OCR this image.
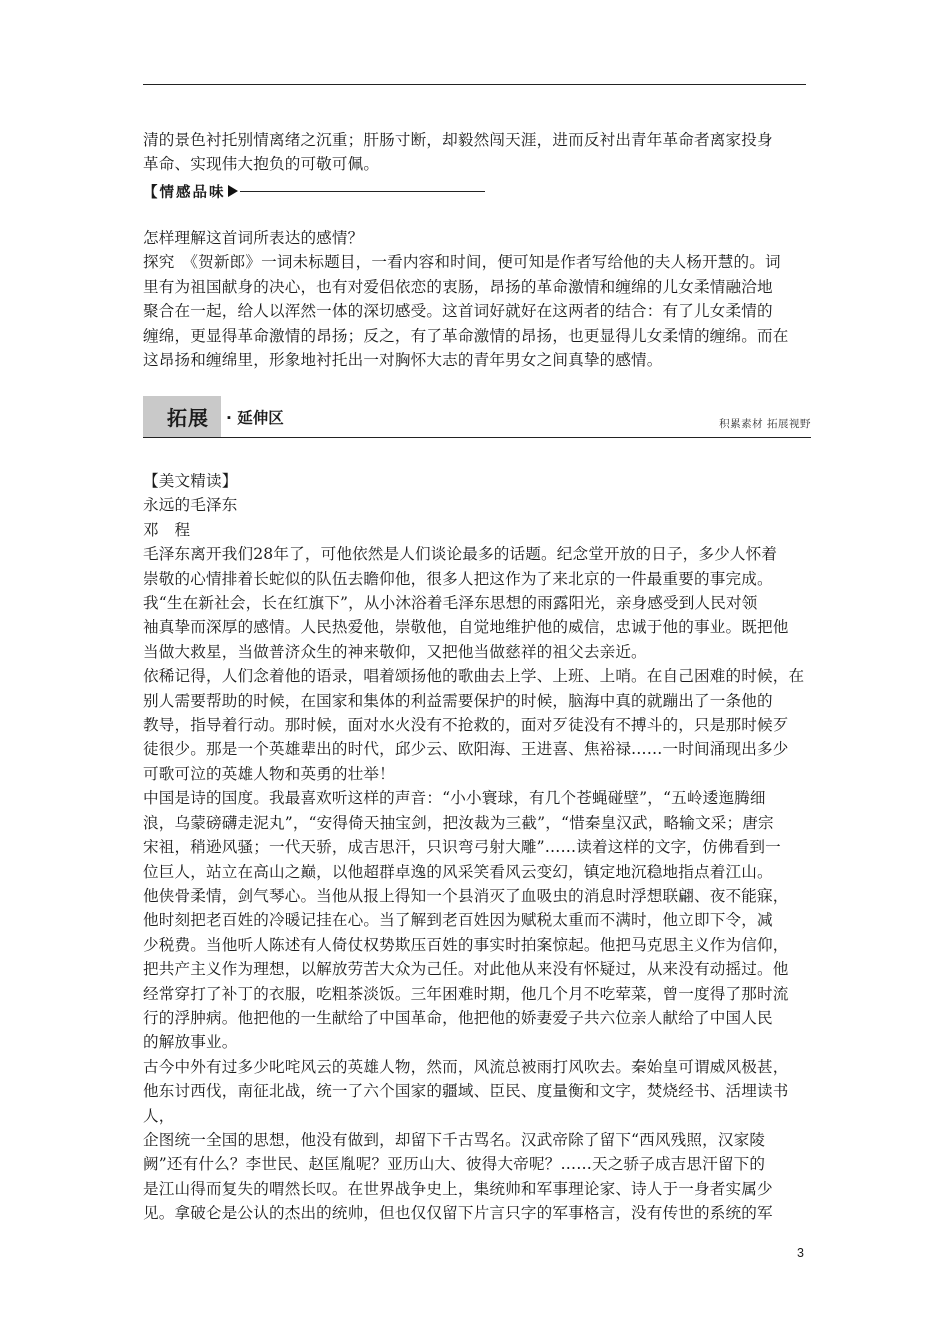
清的景色衬托别情离绪之沉重；肝肠寸断，却毅然闯天涯，进而反衬出青年革命者离家投身
革命、实现伟大抱负的可敬可佩。
【情感品味
怎样理解这首词所表达的感情？
探究　《贺新郎》一词未标题目，一看内容和时间，便可知是作者写给他的夫人杨开慧的。词
里有为祖国献身的决心，也有对爱侣依恋的衷肠，昂扬的革命激情和缠绵的儿女柔情融洽地
聚合在一起，给人以浑然一体的深切感受。这首词好就好在这两者的结合：有了儿女柔情的
缠绵，更显得革命激情的昂扬；反之，有了革命激情的昂扬，也更显得儿女柔情的缠绵。而在
这昂扬和缠绵里，形象地衬托出一对胸怀大志的青年男女之间真挚的感情。
拓展 · 延伸区	积累素材 拓展视野
【美文精读】
永远的毛泽东
邓　程
毛泽东离开我们28年了，可他依然是人们谈论最多的话题。纪念堂开放的日子，多少人怀着
崇敬的心情排着长蛇似的队伍去瞻仰他，很多人把这作为了来北京的一件最重要的事完成。
我“生在新社会，长在红旗下”，从小沐浴着毛泽东思想的雨露阳光，亲身感受到人民对领
袖真挚而深厚的感情。人民热爱他，崇敬他，自觉地维护他的威信，忠诚于他的事业。既把他
当做大救星，当做普济众生的神来敬仰，又把他当做慈祥的祖父去亲近。
依稀记得，人们念着他的语录，唱着颂扬他的歌曲去上学、上班、上哨。在自己困难的时候，在
别人需要帮助的时候，在国家和集体的利益需要保护的时候，脑海中真的就蹦出了一条他的
教导，指导着行动。那时候，面对水火没有不抢救的，面对歹徒没有不搏斗的，只是那时候歹
徒很少。那是一个英雄辈出的时代，邱少云、欧阳海、王进喜、焦裕禄……一时间涌现出多少
可歌可泣的英雄人物和英勇的壮举！
中国是诗的国度。我最喜欢听这样的声音：“小小寰球，有几个苍蝇碰壁”，“五岭逶迤腾细
浪，乌蒙磅礴走泥丸”，“安得倚天抽宝剑，把汝裁为三截”，“惜秦皇汉武，略输文采；唐宗
宋祖，稍逊风骚；一代天骄，成吉思汗，只识弯弓射大雕”……读着这样的文字，仿佛看到一
位巨人，站立在高山之巅，以他超群卓逸的风采笑看风云变幻，镇定地沉稳地指点着江山。
他侠骨柔情，剑气琴心。当他从报上得知一个县消灭了血吸虫的消息时浮想联翩、夜不能寐，
他时刻把老百姓的冷暖记挂在心。当了解到老百姓因为赋税太重而不满时，他立即下令，减
少税费。当他听人陈述有人倚仗权势欺压百姓的事实时拍案惊起。他把马克思主义作为信仰，
把共产主义作为理想，以解放劳苦大众为己任。对此他从来没有怀疑过，从来没有动摇过。他
经常穿打了补丁的衣服，吃粗茶淡饭。三年困难时期，他几个月不吃荤菜，曾一度得了那时流
行的浮肿病。他把他的一生献给了中国革命，他把他的娇妻爱子共六位亲人献给了中国人民
的解放事业。
古今中外有过多少叱咤风云的英雄人物，然而，风流总被雨打风吹去。秦始皇可谓威风极甚，
他东讨西伐，南征北战，统一了六个国家的疆域、臣民、度量衡和文字，焚烧经书、活埋读书人，
企图统一全国的思想，他没有做到，却留下千古骂名。汉武帝除了留下“西风残照，汉家陵
阙”还有什么？李世民、赵匡胤呢？亚历山大、彼得大帝呢？……天之骄子成吉思汗留下的
是江山得而复失的喟然长叹。在世界战争史上，集统帅和军事理论家、诗人于一身者实属少
见。拿破仑是公认的杰出的统帅，但也仅仅留下片言只字的军事格言，没有传世的系统的军
3
